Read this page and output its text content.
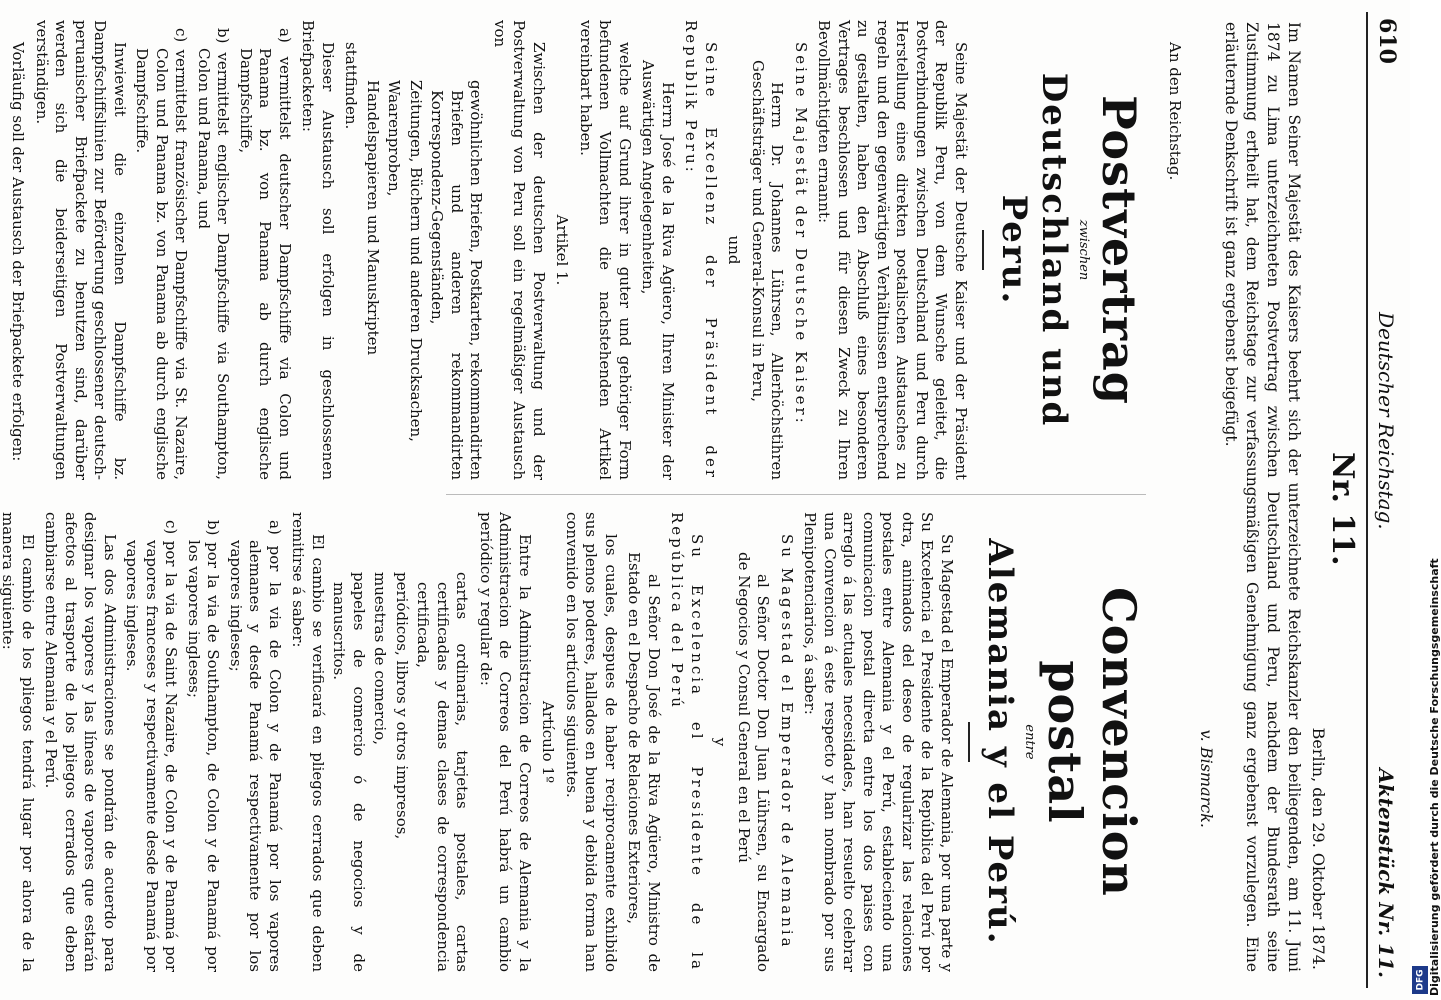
610
Deutscher Reichstag.
Aktenstück Nr. 11.
Nr. 11.
Berlin, den 29. Oktober 1874.
Im Namen Seiner Majestät des Kaisers beehrt sich der unterzeichnete Reichskanzler den beiliegenden, am 11. Juni 1874 zu Lima unterzeichneten Postvertrag zwischen Deutschland und Peru, nachdem der Bundesrath seine Zustimmung ertheilt hat, dem Reichstage zur verfassungsmäßigen Genehmigung ganz ergebenst vorzulegen. Eine erläuternde Denkschrift ist ganz ergebenst beigefügt.
v. Bismarck.
An den Reichstag.
Postvertrag
zwischen
Deutschland und Peru.

Seine Majestät der Deutsche Kaiser und der Präsident der Republik Peru, von dem Wunsche geleitet, die Postverbindungen zwischen Deutschland und Peru durch Herstellung eines direkten postalischen Austausches zu regeln und den gegenwärtigen Verhältnissen entsprechend zu gestalten, haben den Abschluß eines besonderen Vertrages beschlossen und für diesen Zweck zu Ihren Bevollmächtigten ernannt:

Seine Majestät der Deutsche Kaiser:

Herrn Dr. Johannes Lührsen, Allerhöchstihren Geschäftsträger und General-Konsul in Peru,

und

Seine Excellenz der Präsident der Republik Peru:

Herrn José de la Riva Agüero, Ihren Minister der Auswärtigen Angelegenheiten,

welche auf Grund ihrer in guter und gehöriger Form befundenen Vollmachten die nachstehenden Artikel vereinbart haben.

Artikel 1.

Zwischen der deutschen Postverwaltung und der Postverwaltung von Peru soll ein regelmäßiger Austausch von

gewöhnlichen Briefen, Postkarten, rekommandirten Briefen und anderen rekommandirten Korrespondenz-Gegenständen,

Zeitungen, Büchern und anderen Drucksachen,

Waarenproben,

Handelspapieren und Manuskripten

stattfinden.

Dieser Austausch soll erfolgen in geschlossenen Briefpacketen:

a) vermittelst deutscher Dampfschiffe via Colon und Panama bz. von Panama ab durch englische Dampfschiffe,

b) vermittelst englischer Dampfschiffe via Southampton, Colon und Panama, und

c) vermittelst französischer Dampfschiffe via St. Nazaire, Colon und Panama bz. von Panama ab durch englische Dampfschiffe.

Inwieweit die einzelnen Dampfschiffe bz. Dampfschiffslinien zur Beförderung geschlossener deutsch-peruanischer Briefpackete zu benutzen sind, darüber werden sich die beiderseitigen Postverwaltungen verständigen.

Vorläufig soll der Austausch der Briefpackete erfolgen:

Convencion postal
entre
Alemania y el Perú.

Su Magestad el Emperador de Alemania, por una parte y Su Excelencia el Presidente de la República del Perú por otra, animados del deseo de regularizar las relaciones postales entre Alemania y el Perú, estableciendo una comunicacion postal directa entre los dos paises con arreglo á las actuales necesidades, han resuelto celebrar una Convencion á este respecto y han nombrado por sus Plenipotenciarios, á saber:

Su Magestad el Emperador de Alemania

al Señor Doctor Don Juan Lührsen, su Encargado de Negocios y Consul General en el Perú

y

Su Excelencia el Presidente de la República del Perú

al Señor Don José de la Riva Agüero, Ministro de Estado en el Despacho de Relaciones Exteriores,

los cuales, despues de haber reciprocamente exhibido sus plenos poderes, hallados en buena y debida forma han convenido en los artículos siguientes.

Artículo 1º

Entre la Administracion de Correos de Alemania y la Administracion de Correos del Perú habrá un cambio periódico y regular de:

cartas ordinarias, tarjetas postales, cartas certificadas y demas clases de correspondencia certificada,

periódicos, libros y otros impresos,

muestras de comercio,

papeles de comercio ó de negocios y de manuscritos.

El cambio se verificará en pliegos cerrados que deben remitirse á saber:

a) por la via de Colon y de Panamá por los vapores alemanes y desde Panamá respectivamente por los vapores ingleses;

b) por la via de Southampton, de Colon y de Panamá por los vapores ingleses;

c) por la via de Saint Nazaire, de Colon y de Panamá por vapores franceses y respectivamente desde Panamá por vapores ingleses.

Las dos Administraciones se pondrán de acuerdo para designar los vapores y las líneas de vapores que estarán afectos al trasporte de los pliegos cerrados que deben cambiarse entre Alemania y el Perú.

El cambio de los pliegos tendrá lugar por ahora de la manera siguiente:	Digitalisierung gefördert durch die Deutsche Forschungsgemeinschaft
DFG
